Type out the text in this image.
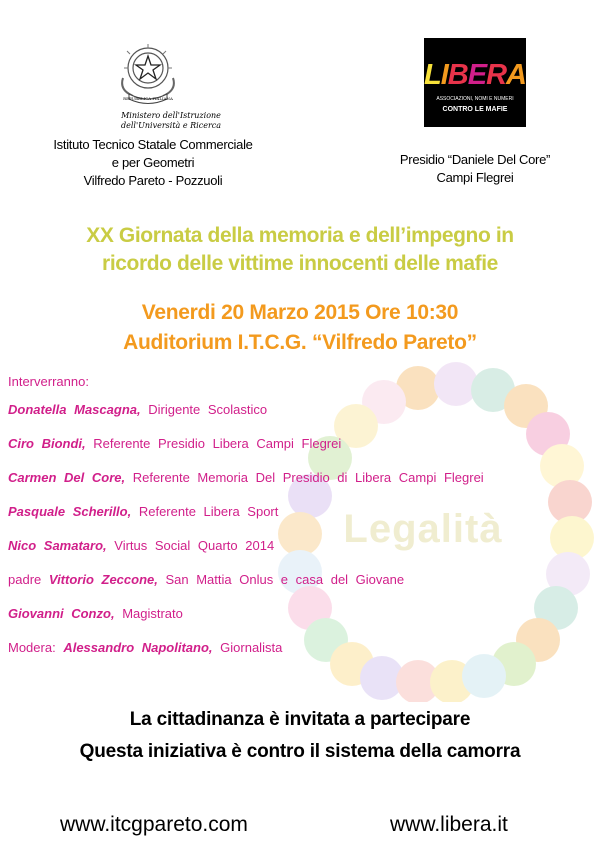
REPUBBLICA ITALIANA
Ministero dell'Istruzione
dell'Università e Ricerca
Istituto Tecnico Statale Commerciale
e per Geometri
Vilfredo Pareto - Pozzuoli
LIBERA
ASSOCIAZIONI, NOMI E NUMERI
CONTRO LE MAFIE
Presidio “Daniele Del Core”
Campi Flegrei
XX Giornata della memoria e dell’impegno in
ricordo delle vittime innocenti delle mafie
Venerdi 20 Marzo 2015 Ore 10:30
Auditorium I.T.C.G. “Vilfredo Pareto”
Legalità
Interverranno:
Donatella Mascagna, Dirigente Scolastico
Ciro Biondi, Referente Presidio Libera Campi Flegrei
Carmen Del Core, Referente Memoria Del Presidio di Libera Campi Flegrei
Pasquale Scherillo, Referente Libera Sport
Nico Samataro, Virtus Social Quarto 2014
padre Vittorio Zeccone, San Mattia Onlus e casa del Giovane
Giovanni Conzo, Magistrato
Modera: Alessandro Napolitano, Giornalista
La cittadinanza è invitata a partecipare
Questa iniziativa è contro il sistema della camorra
www.itcgpareto.com	www.libera.it
